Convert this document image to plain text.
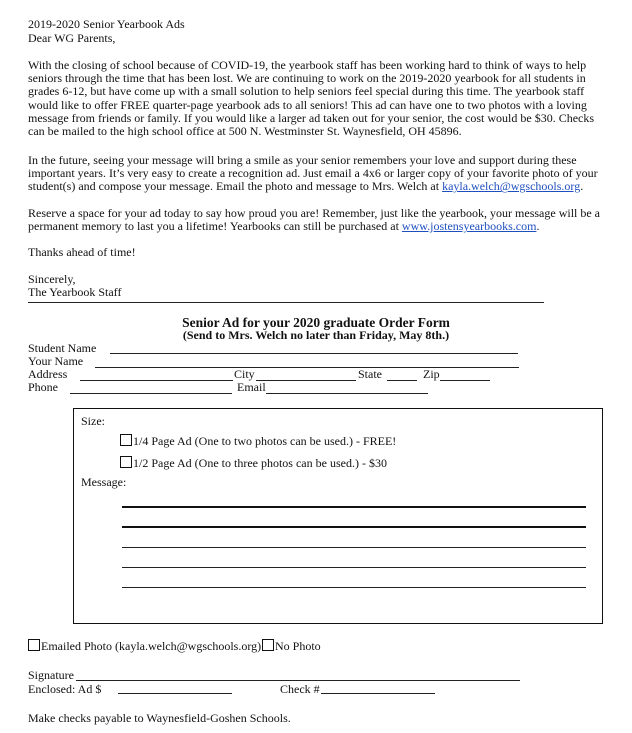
2019-2020 Senior Yearbook Ads
Dear WG Parents,
With the closing of school because of COVID-19, the yearbook staff has been working hard to think of ways to help seniors through the time that has been lost. We are continuing to work on the 2019-2020 yearbook for all students in grades 6-12, but have come up with a small solution to help seniors feel special during this time. The yearbook staff would like to offer FREE quarter-page yearbook ads to all seniors! This ad can have one to two photos with a loving message from friends or family. If you would like a larger ad taken out for your senior, the cost would be $30. Checks can be mailed to the high school office at 500 N. Westminster St. Waynesfield, OH 45896.
In the future, seeing your message will bring a smile as your senior remembers your love and support during these important years. It’s very easy to create a recognition ad. Just email a 4x6 or larger copy of your favorite photo of your student(s) and compose your message. Email the photo and message to Mrs. Welch at kayla.welch@wgschools.org.
Reserve a space for your ad today to say how proud you are! Remember, just like the yearbook, your message will be a permanent memory to last you a lifetime! Yearbooks can still be purchased at www.jostensyearbooks.com.
Thanks ahead of time!
Sincerely,
The Yearbook Staff
Senior Ad for your 2020 graduate Order Form
(Send to Mrs. Welch no later than Friday, May 8th.)
Student Name
Your Name
Address	City	State	Zip
Phone	Email
Size:
1/4 Page Ad (One to two photos can be used.) - FREE!
1/2 Page Ad (One to three photos can be used.) - $30
Message:
Emailed Photo (kayla.welch@wgschools.org)	No Photo
Signature
Enclosed: Ad $	Check #
Make checks payable to Waynesfield-Goshen Schools.
